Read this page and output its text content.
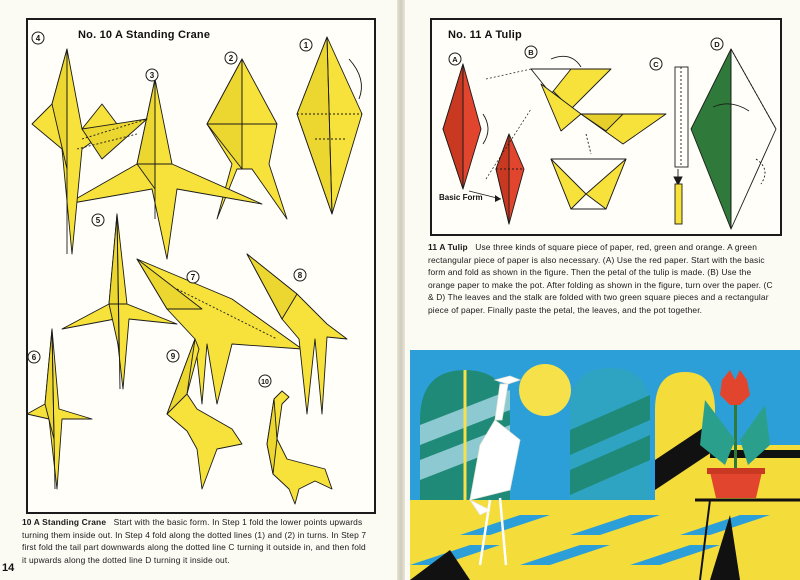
No. 10 A Standing Crane
4
2
3
1
5
6
7	8
9
10
10 A Standing Crane Start with the basic form. In Step 1 fold the lower points upwards turning them inside out. In Step 4 fold along the dotted lines (1) and (2) in turns. In Step 7 first fold the tail part downwards along the dotted line C turning it outside in, and then fold it upwards along the dotted line D turning it inside out.
14
No. 11 A Tulip
A
B
C
D
Basic Form
11 A Tulip Use three kinds of square piece of paper, red, green and orange. A green rectangular piece of paper is also necessary. (A) Use the red paper. Start with the basic form and fold as shown in the figure. Then the petal of the tulip is made. (B) Use the orange paper to make the pot. After folding as shown in the figure, turn over the paper. (C & D) The leaves and the stalk are folded with two green square pieces and a rectangular piece of paper. Finally paste the petal, the leaves, and the pot together.
